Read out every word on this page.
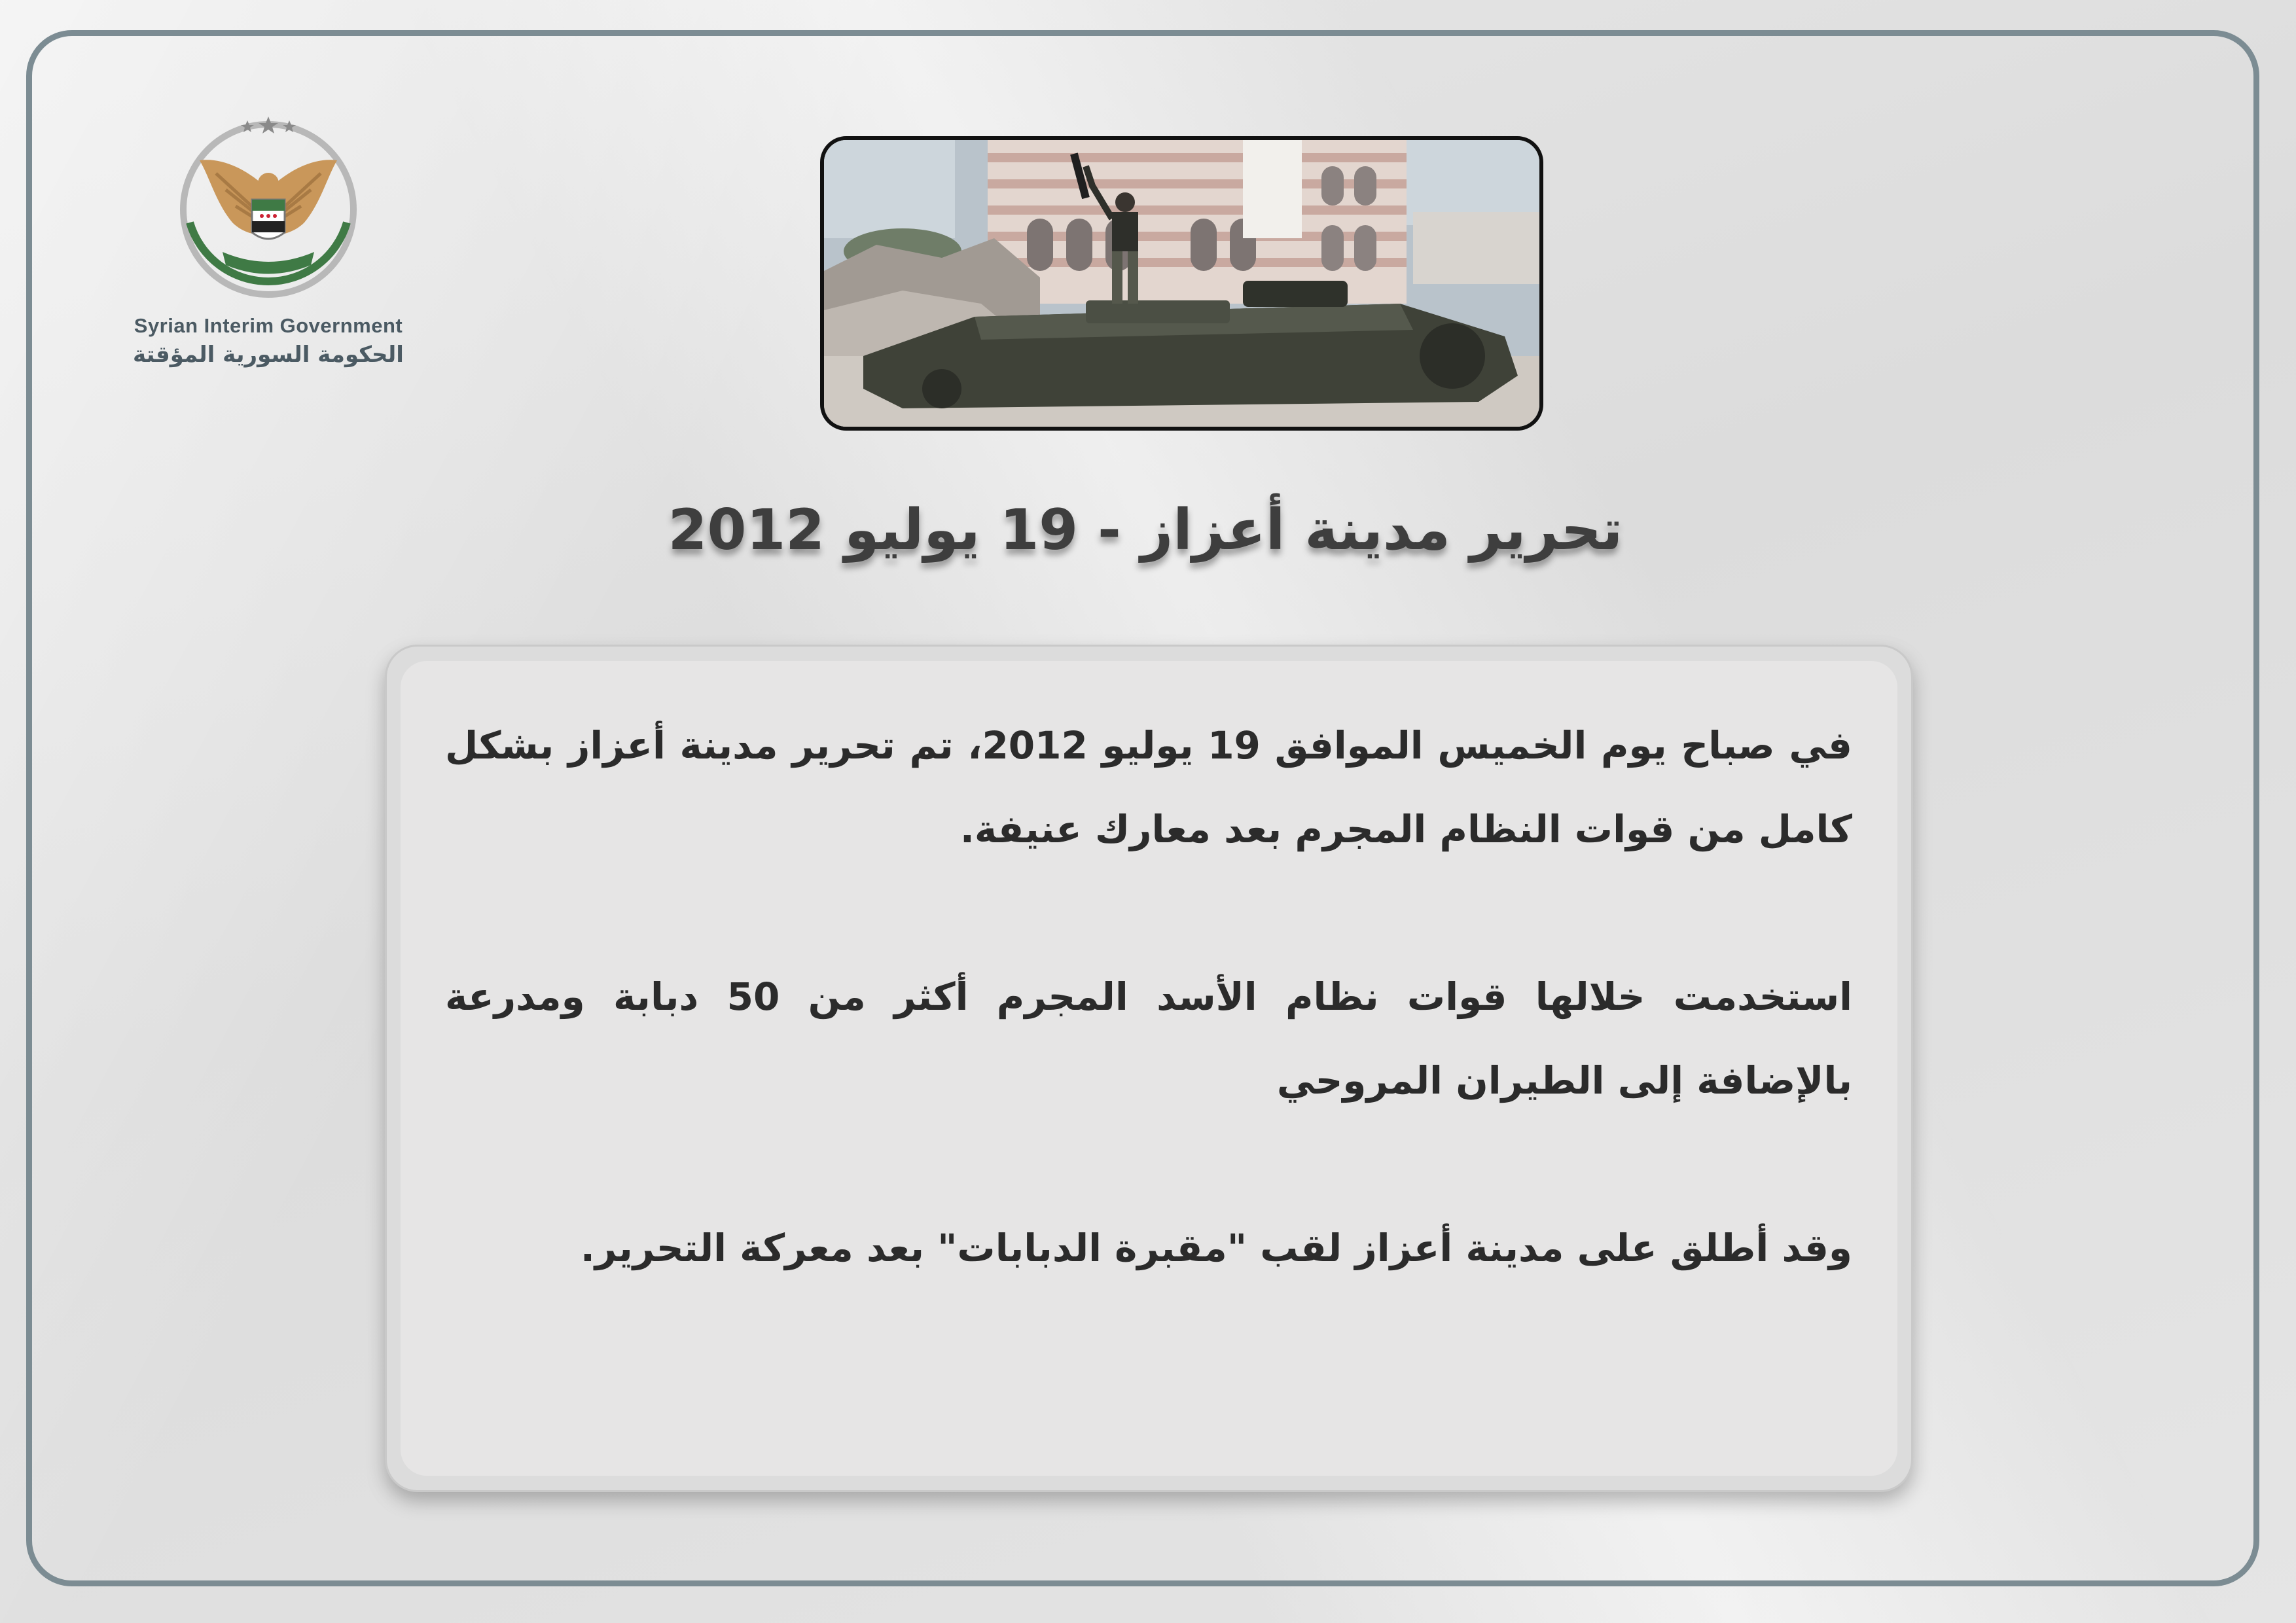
Syrian Interim Government
الحكومة السورية المؤقتة
تحرير مدينة أعزاز - 19 يوليو 2012

في صباح يوم الخميس الموافق 19 يوليو 2012، تم تحرير مدينة أعزاز بشكل كامل من قوات النظام المجرم بعد معارك عنيفة.

استخدمت خلالها قوات نظام الأسد المجرم أكثر من 50 دبابة ومدرعة بالإضافة إلى الطيران المروحي

وقد أطلق على مدينة أعزاز لقب "مقبرة الدبابات" بعد معركة التحرير.
